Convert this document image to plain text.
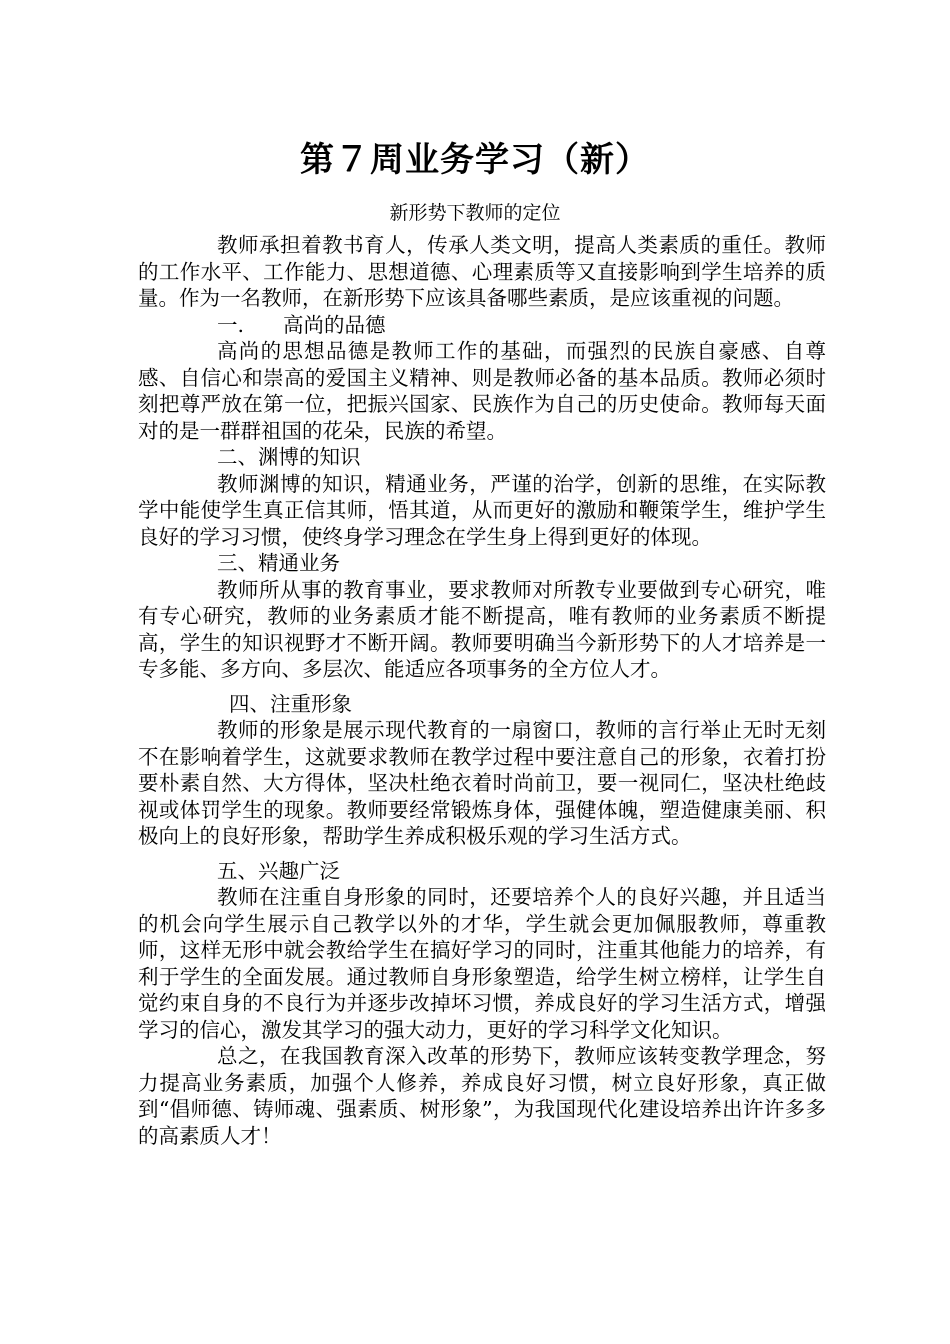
第７周业务学习（新）
新形势下教师的定位

教师承担着教书育人，传承人类文明，提高人类素质的重任。教师的工作水平、工作能力、思想道德、心理素质等又直接影响到学生培养的质量。作为一名教师，在新形势下应该具备哪些素质，是应该重视的问题。

一. 高尚的品德

高尚的思想品德是教师工作的基础，而强烈的民族自豪感、自尊感、自信心和崇高的爱国主义精神、则是教师必备的基本品质。教师必须时刻把尊严放在第一位，把振兴国家、民族作为自己的历史使命。教师每天面对的是一群群祖国的花朵，民族的希望。

二、渊博的知识

教师渊博的知识，精通业务，严谨的治学，创新的思维，在实际教学中能使学生真正信其师，悟其道，从而更好的激励和鞭策学生，维护学生良好的学习习惯，使终身学习理念在学生身上得到更好的体现。

三、精通业务

教师所从事的教育事业，要求教师对所教专业要做到专心研究，唯有专心研究，教师的业务素质才能不断提高，唯有教师的业务素质不断提高，学生的知识视野才不断开阔。教师要明确当今新形势下的人才培养是一专多能、多方向、多层次、能适应各项事务的全方位人才。

四、注重形象

教师的形象是展示现代教育的一扇窗口，教师的言行举止无时无刻不在影响着学生，这就要求教师在教学过程中要注意自己的形象，衣着打扮要朴素自然、大方得体，坚决杜绝衣着时尚前卫，要一视同仁，坚决杜绝歧视或体罚学生的现象。教师要经常锻炼身体，强健体魄，塑造健康美丽、积极向上的良好形象，帮助学生养成积极乐观的学习生活方式。

五、兴趣广泛

教师在注重自身形象的同时，还要培养个人的良好兴趣，并且适当的机会向学生展示自己教学以外的才华，学生就会更加佩服教师，尊重教师，这样无形中就会教给学生在搞好学习的同时，注重其他能力的培养，有利于学生的全面发展。通过教师自身形象塑造，给学生树立榜样，让学生自觉约束自身的不良行为并逐步改掉坏习惯，养成良好的学习生活方式，增强学习的信心，激发其学习的强大动力，更好的学习科学文化知识。

总之，在我国教育深入改革的形势下，教师应该转变教学理念，努力提高业务素质，加强个人修养，养成良好习惯，树立良好形象，真正做到“倡师德、铸师魂、强素质、树形象”，为我国现代化建设培养出许许多多的高素质人才！
